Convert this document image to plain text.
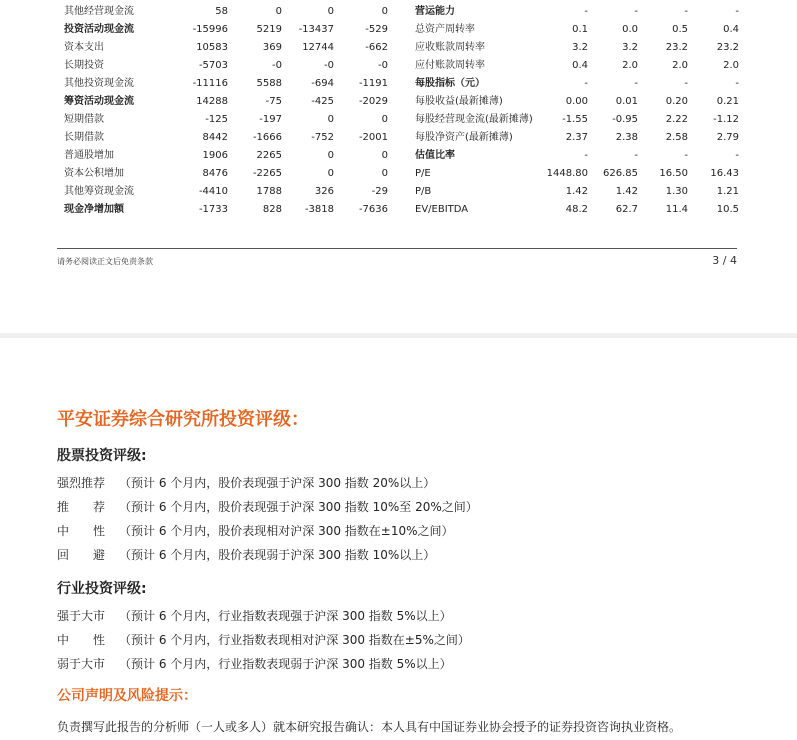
其他经营现金流	58	0	0	0	营运能力	-	-	-	-
投资活动现金流	-15996	5219	-13437	-529	总资产周转率	0.1	0.0	0.5	0.4
资本支出	10583	369	12744	-662	应收账款周转率	3.2	3.2	23.2	23.2
长期投资	-5703	-0	-0	-0	应付账款周转率	0.4	2.0	2.0	2.0
其他投资现金流	-11116	5588	-694	-1191	每股指标（元）	-	-	-	-
筹资活动现金流	14288	-75	-425	-2029	每股收益(最新摊薄)	0.00	0.01	0.20	0.21
短期借款	-125	-197	0	0	每股经营现金流(最新摊薄)	-1.55	-0.95	2.22	-1.12
长期借款	8442	-1666	-752	-2001	每股净资产(最新摊薄)	2.37	2.38	2.58	2.79
普通股增加	1906	2265	0	0	估值比率	-	-	-	-
资本公积增加	8476	-2265	0	0	P/E	1448.80	626.85	16.50	16.43
其他筹资现金流	-4410	1788	326	-29	P/B	1.42	1.42	1.30	1.21
现金净增加额	-1733	828	-3818	-7636	EV/EBITDA	48.2	62.7	11.4	10.5
请务必阅读正文后免责条款	3 / 4
平安证券综合研究所投资评级：
股票投资评级:
强烈推荐 （预计 6 个月内，股价表现强于沪深 300 指数 20%以上）
推　　荐 （预计 6 个月内，股价表现强于沪深 300 指数 10%至 20%之间）
中　　性 （预计 6 个月内，股价表现相对沪深 300 指数在±10%之间）
回　　避 （预计 6 个月内，股价表现弱于沪深 300 指数 10%以上）
行业投资评级:
强于大市 （预计 6 个月内，行业指数表现强于沪深 300 指数 5%以上）
中　　性 （预计 6 个月内，行业指数表现相对沪深 300 指数在±5%之间）
弱于大市 （预计 6 个月内，行业指数表现弱于沪深 300 指数 5%以上）
公司声明及风险提示：
负责撰写此报告的分析师（一人或多人）就本研究报告确认：本人具有中国证券业协会授予的证券投资咨询执业资格。
